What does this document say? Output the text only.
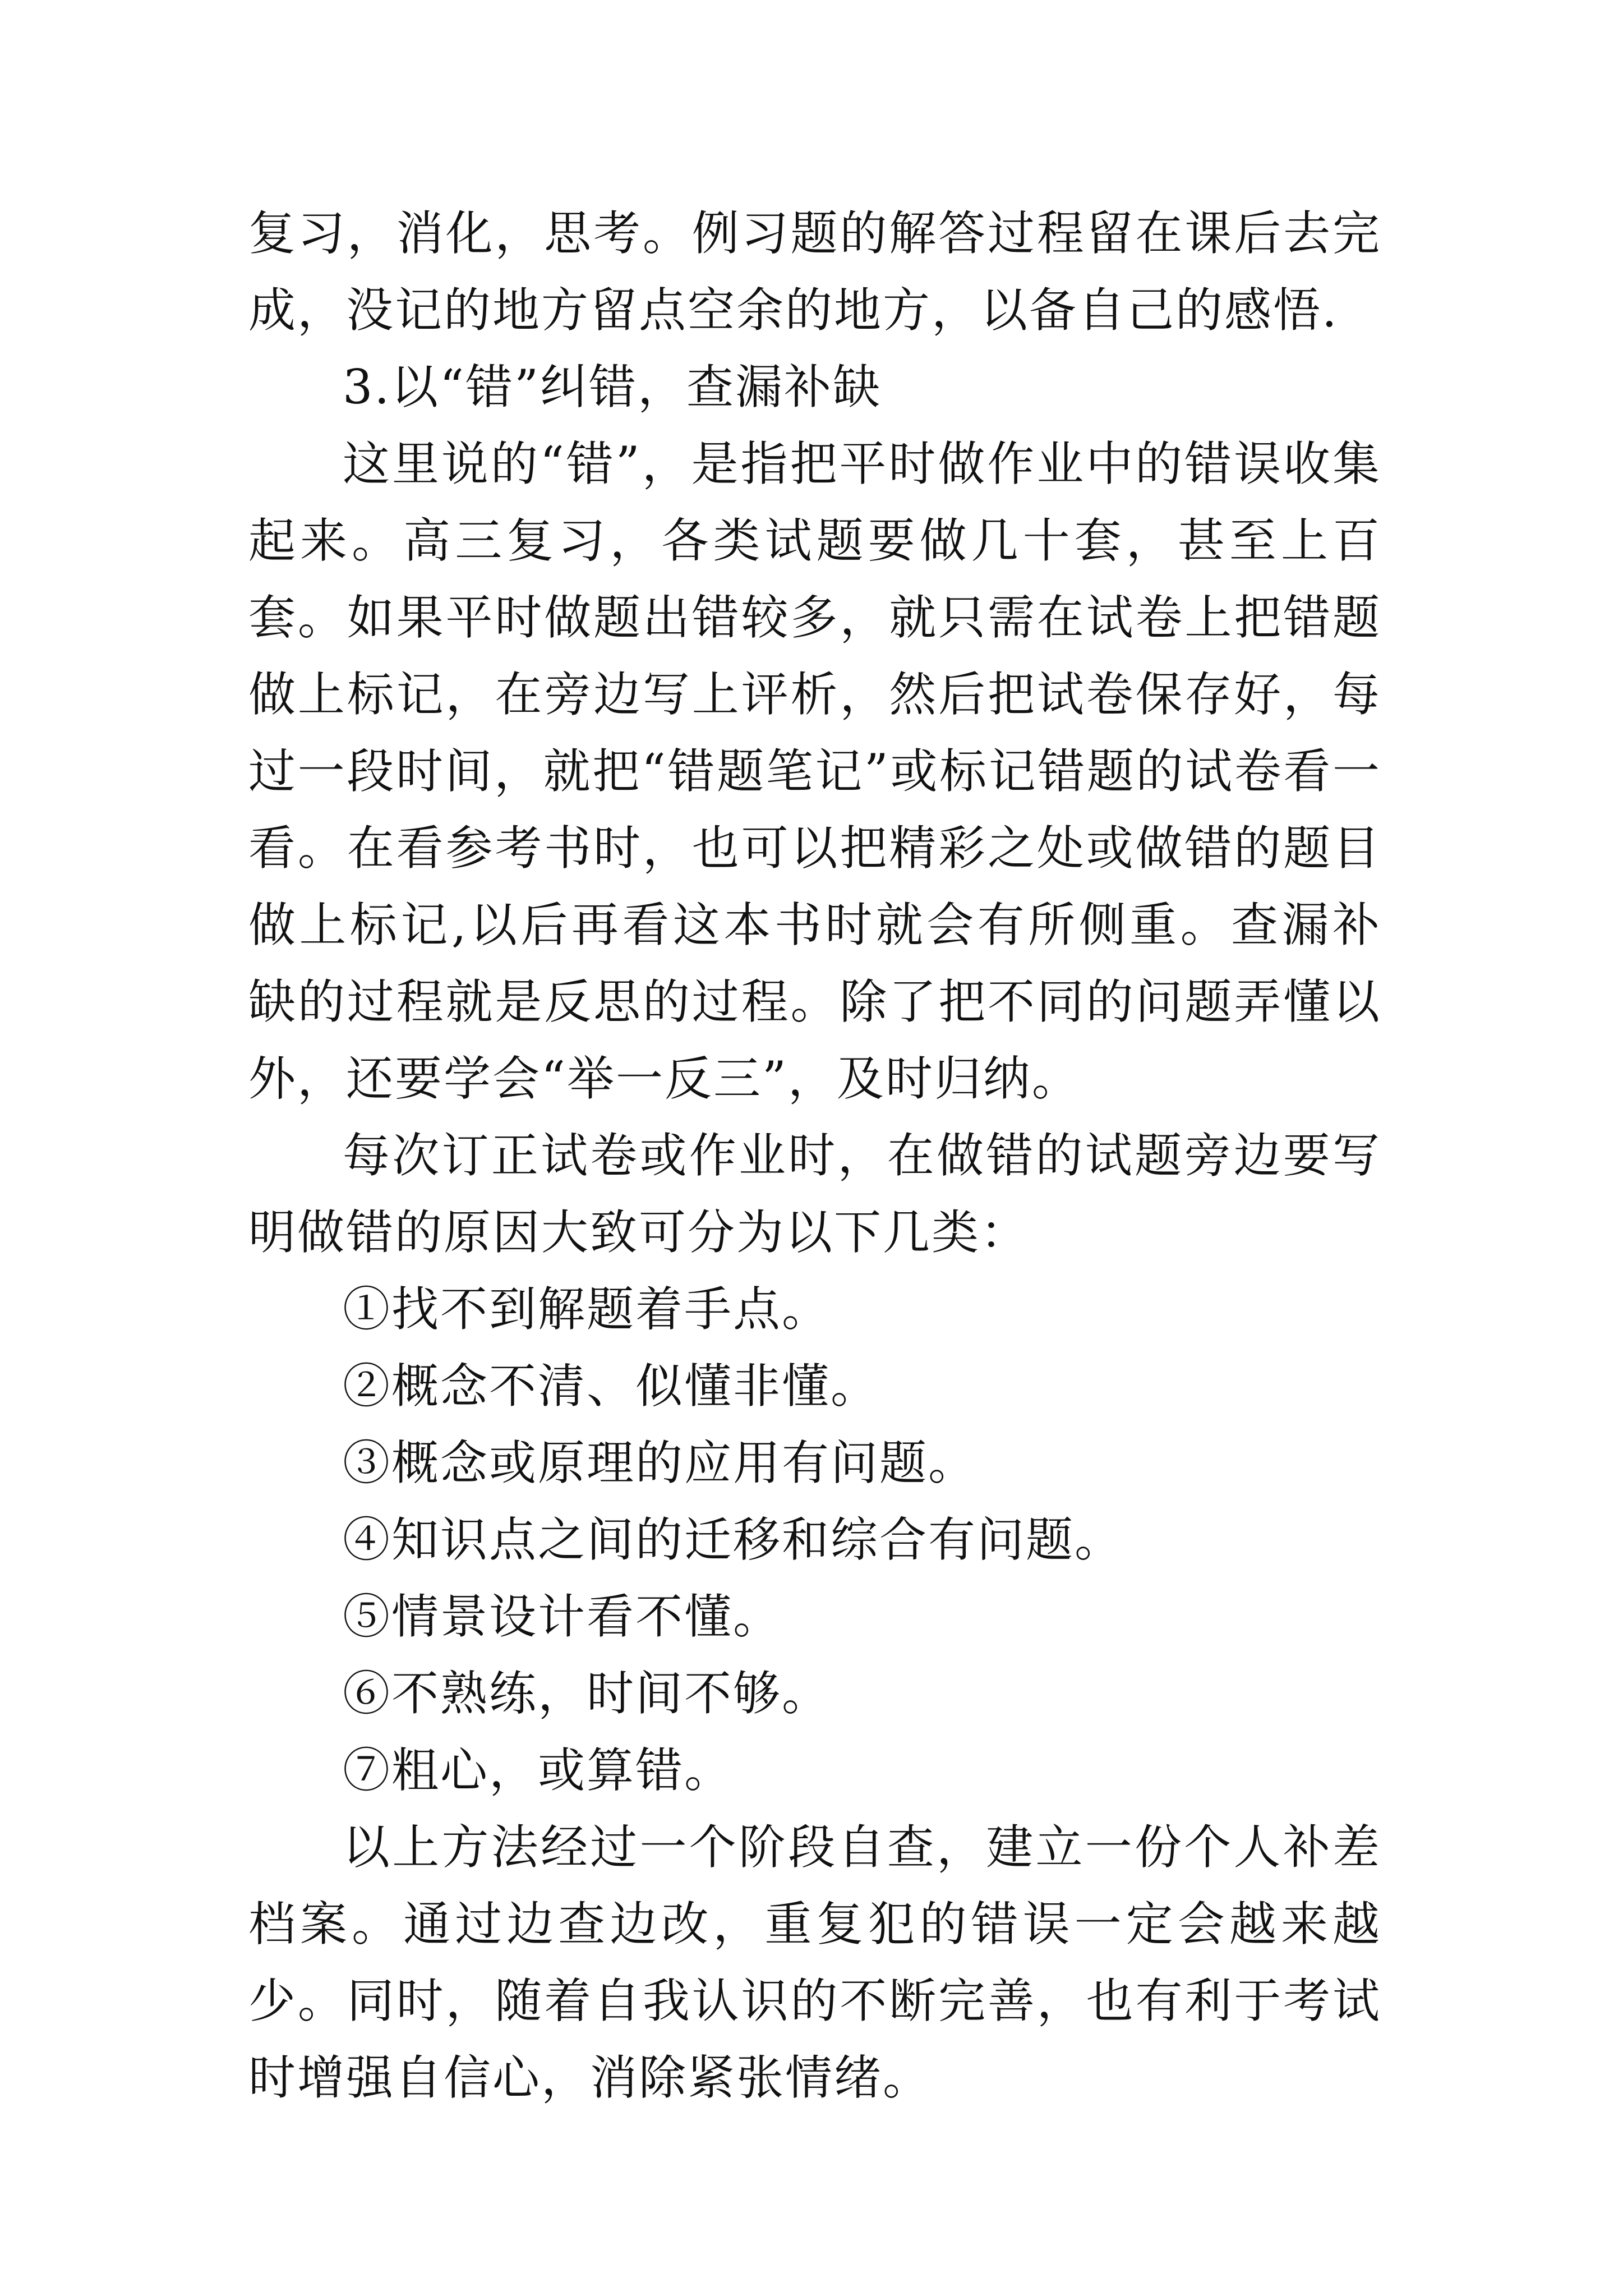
复习，消化，思考。例习题的解答过程留在课后去完成，没记的地方留点空余的地方，以备自己的感悟.

3.以“错”纠错，查漏补缺

这里说的“错”，是指把平时做作业中的错误收集起来。高三复习，各类试题要做几十套，甚至上百套。如果平时做题出错较多，就只需在试卷上把错题做上标记，在旁边写上评析，然后把试卷保存好，每过一段时间，就把“错题笔记”或标记错题的试卷看一看。在看参考书时，也可以把精彩之处或做错的题目做上标记,以后再看这本书时就会有所侧重。查漏补缺的过程就是反思的过程。除了把不同的问题弄懂以外，还要学会“举一反三”，及时归纳。

每次订正试卷或作业时，在做错的试题旁边要写明做错的原因大致可分为以下几类：

①找不到解题着手点。

②概念不清、似懂非懂。

③概念或原理的应用有问题。

④知识点之间的迁移和综合有问题。

⑤情景设计看不懂。

⑥不熟练，时间不够。

⑦粗心，或算错。

以上方法经过一个阶段自查，建立一份个人补差档案。通过边查边改，重复犯的错误一定会越来越少。同时，随着自我认识的不断完善，也有利于考试时增强自信心，消除紧张情绪。
